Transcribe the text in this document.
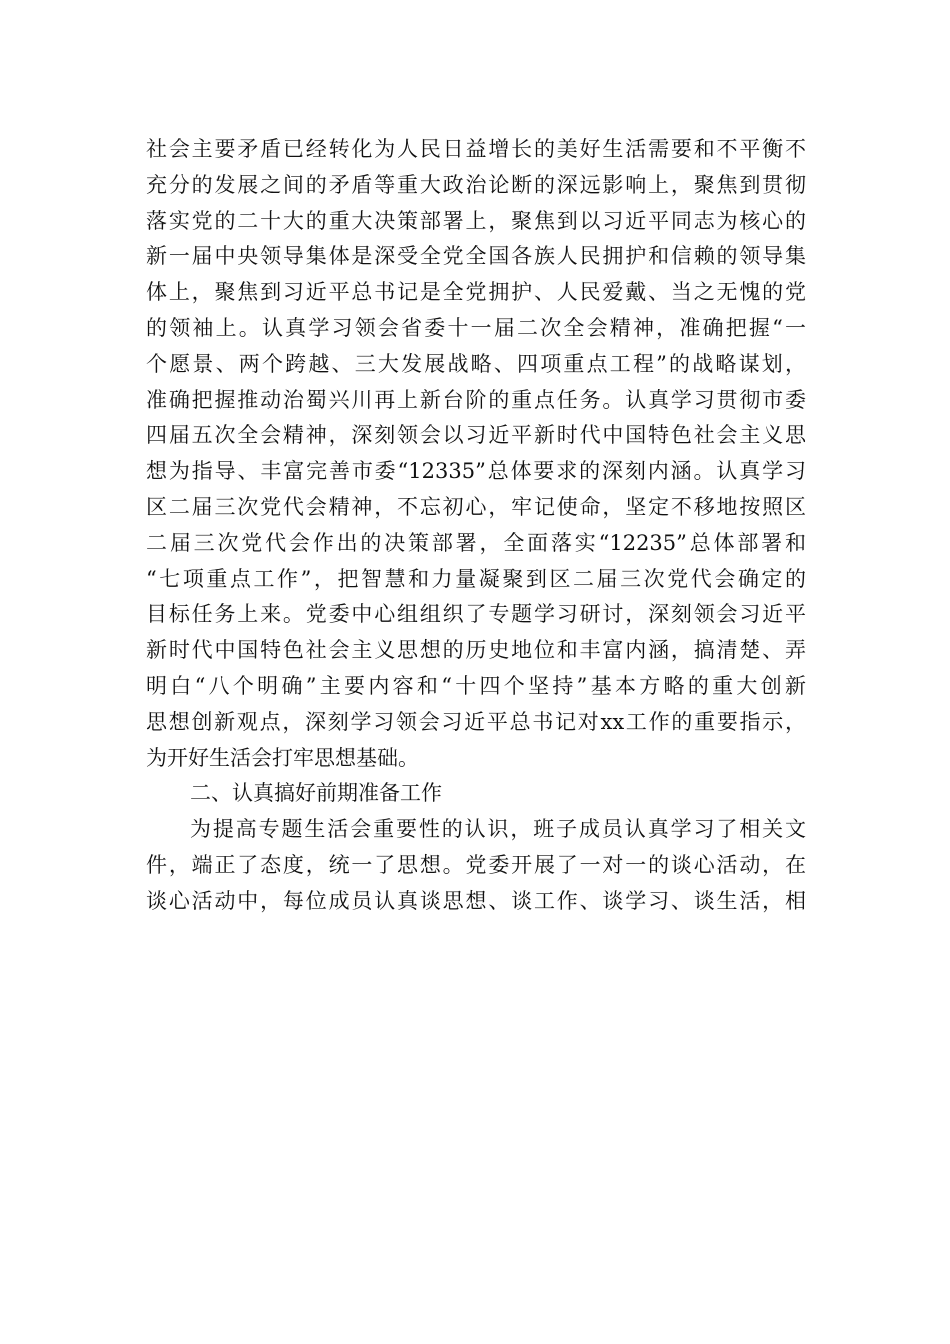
社会主要矛盾已经转化为人民日益增长的美好生活需要和不平衡不
充分的发展之间的矛盾等重大政治论断的深远影响上，聚焦到贯彻
落实党的二十大的重大决策部署上，聚焦到以习近平同志为核心的
新一届中央领导集体是深受全党全国各族人民拥护和信赖的领导集
体上，聚焦到习近平总书记是全党拥护、人民爱戴、当之无愧的党
的领袖上。认真学习领会省委十一届二次全会精神，准确把握“一
个愿景、两个跨越、三大发展战略、四项重点工程”的战略谋划，
准确把握推动治蜀兴川再上新台阶的重点任务。认真学习贯彻市委
四届五次全会精神，深刻领会以习近平新时代中国特色社会主义思
想为指导、丰富完善市委“12335”总体要求的深刻内涵。认真学习
区二届三次党代会精神，不忘初心，牢记使命，坚定不移地按照区
二届三次党代会作出的决策部署，全面落实“12235”总体部署和
“七项重点工作”，把智慧和力量凝聚到区二届三次党代会确定的
目标任务上来。党委中心组组织了专题学习研讨，深刻领会习近平
新时代中国特色社会主义思想的历史地位和丰富内涵，搞清楚、弄
明白“八个明确”主要内容和“十四个坚持”基本方略的重大创新
思想创新观点，深刻学习领会习近平总书记对xx工作的重要指示，
为开好生活会打牢思想基础。
二、认真搞好前期准备工作
为提高专题生活会重要性的认识，班子成员认真学习了相关文
件，端正了态度，统一了思想。党委开展了一对一的谈心活动，在
谈心活动中，每位成员认真谈思想、谈工作、谈学习、谈生活，相
